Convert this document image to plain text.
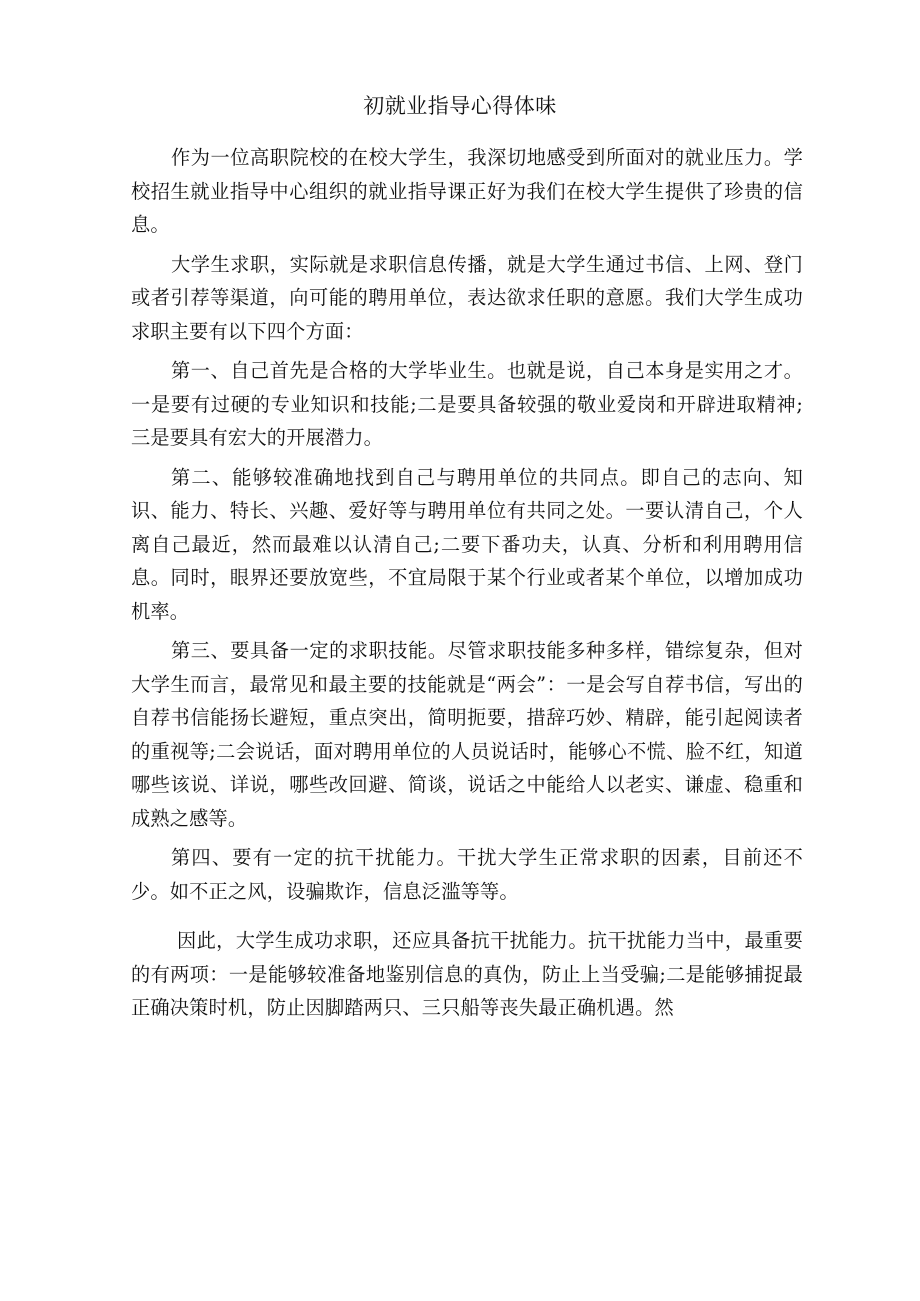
初就业指导心得体味

作为一位高职院校的在校大学生，我深切地感受到所面对的就业压力。学校招生就业指导中心组织的就业指导课正好为我们在校大学生提供了珍贵的信息。

大学生求职，实际就是求职信息传播，就是大学生通过书信、上网、登门或者引荐等渠道，向可能的聘用单位，表达欲求任职的意愿。我们大学生成功求职主要有以下四个方面：

第一、自己首先是合格的大学毕业生。也就是说，自己本身是实用之才。一是要有过硬的专业知识和技能;二是要具备较强的敬业爱岗和开辟进取精神;三是要具有宏大的开展潜力。

第二、能够较准确地找到自己与聘用单位的共同点。即自己的志向、知识、能力、特长、兴趣、爱好等与聘用单位有共同之处。一要认清自己，个人离自己最近，然而最难以认清自己;二要下番功夫，认真、分析和利用聘用信息。同时，眼界还要放宽些，不宜局限于某个行业或者某个单位，以增加成功机率。

第三、要具备一定的求职技能。尽管求职技能多种多样，错综复杂，但对大学生而言，最常见和最主要的技能就是“两会”：一是会写自荐书信，写出的自荐书信能扬长避短，重点突出，简明扼要，措辞巧妙、精辟，能引起阅读者的重视等;二会说话，面对聘用单位的人员说话时，能够心不慌、脸不红，知道哪些该说、详说，哪些改回避、简谈，说话之中能给人以老实、谦虚、稳重和成熟之感等。

第四、要有一定的抗干扰能力。干扰大学生正常求职的因素，目前还不少。如不正之风，设骗欺诈，信息泛滥等等。

因此，大学生成功求职，还应具备抗干扰能力。抗干扰能力当中，最重要的有两项：一是能够较准备地鉴别信息的真伪，防止上当受骗;二是能够捕捉最正确决策时机，防止因脚踏两只、三只船等丧失最正确机遇。然
